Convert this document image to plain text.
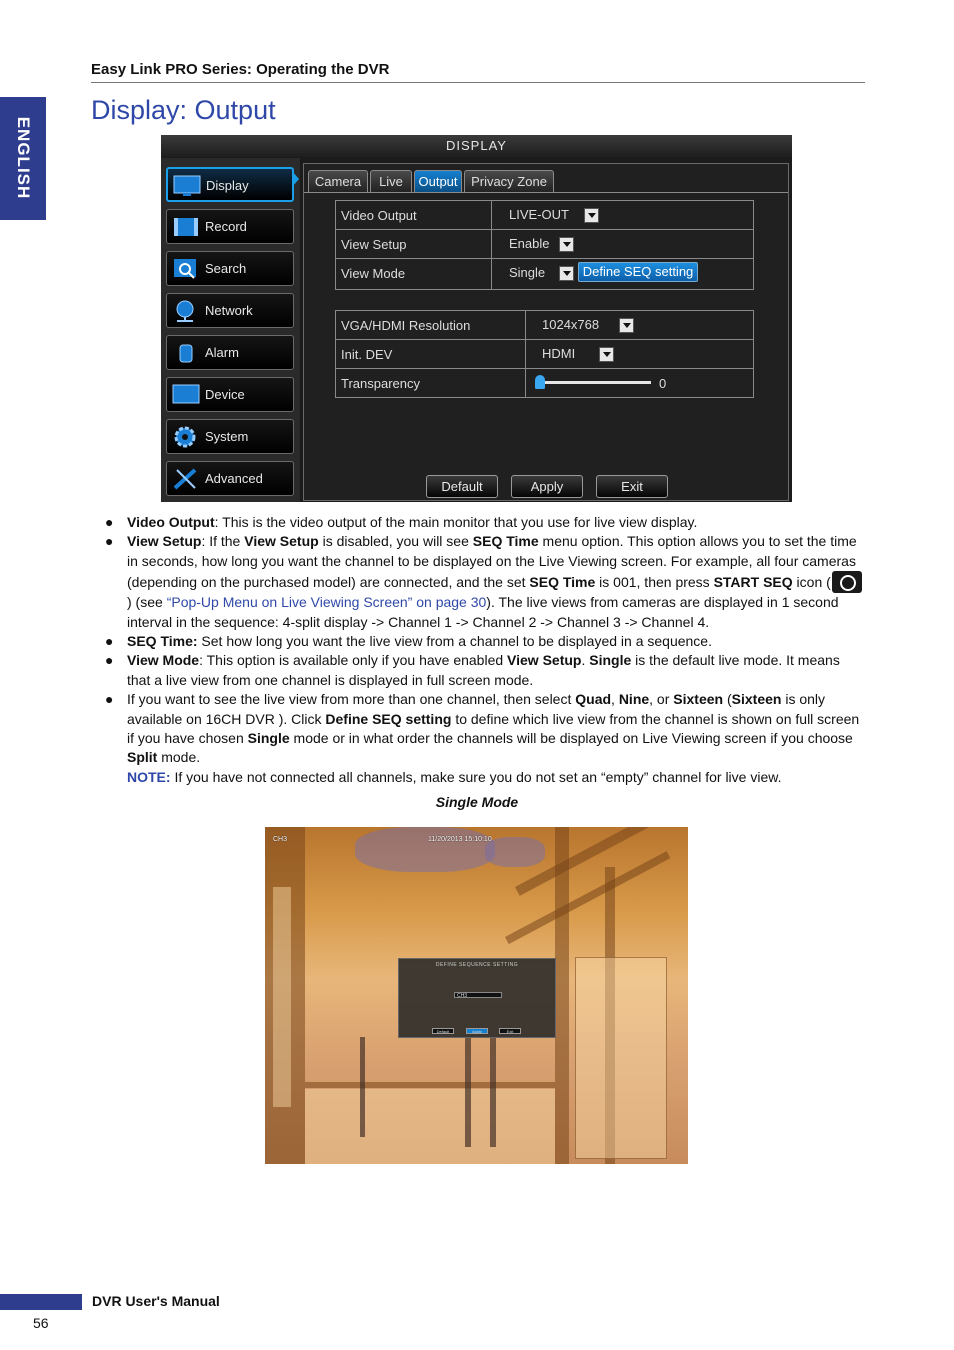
Easy Link PRO Series: Operating the DVR
ENGLISH
Display: Output
DISPLAY
Display
Record
Search
Network
Alarm
Device
System
Advanced
Camera	Live	Output	Privacy Zone
Video Output	LIVE-OUT
View Setup	Enable
View Mode	Single	Define SEQ setting
VGA/HDMI Resolution	1024x768
Init. DEV	HDMI
Transparency	0
Default	Apply	Exit

● Video Output: This is the video output of the main monitor that you use for live view display.

● View Setup: If the View Setup is disabled, you will see SEQ Time menu option. This option allows you to set the time in seconds, how long you want the channel to be displayed on the Live Viewing screen. For example, all four cameras (depending on the purchased model) are connected, and the set SEQ Time is 001, then press START SEQ icon () (see “Pop-Up Menu on Live Viewing Screen” on page 30). The live views from cameras are displayed in 1 second interval in the sequence: 4-split display -> Channel 1 -> Channel 2 -> Channel 3 -> Channel 4.

● SEQ Time: Set how long you want the live view from a channel to be displayed in a sequence.

● View Mode: This option is available only if you have enabled View Setup. Single is the default live mode. It means that a live view from one channel is displayed in full screen mode.

● If you want to see the live view from more than one channel, then select Quad, Nine, or Sixteen (Sixteen is only available on 16CH DVR ). Click Define SEQ setting to define which live view from the channel is shown on full screen if you have chosen Single mode or in what order the channels will be displayed on Live Viewing screen if you choose Split mode.
NOTE: If you have not connected all channels, make sure you do not set an “empty” channel for live view.

Single Mode
CH3	11/20/2013 15:10:10
DEFINE SEQUENCE SETTING
CH3
Default	Apply	Exit
DVR User's Manual
56
